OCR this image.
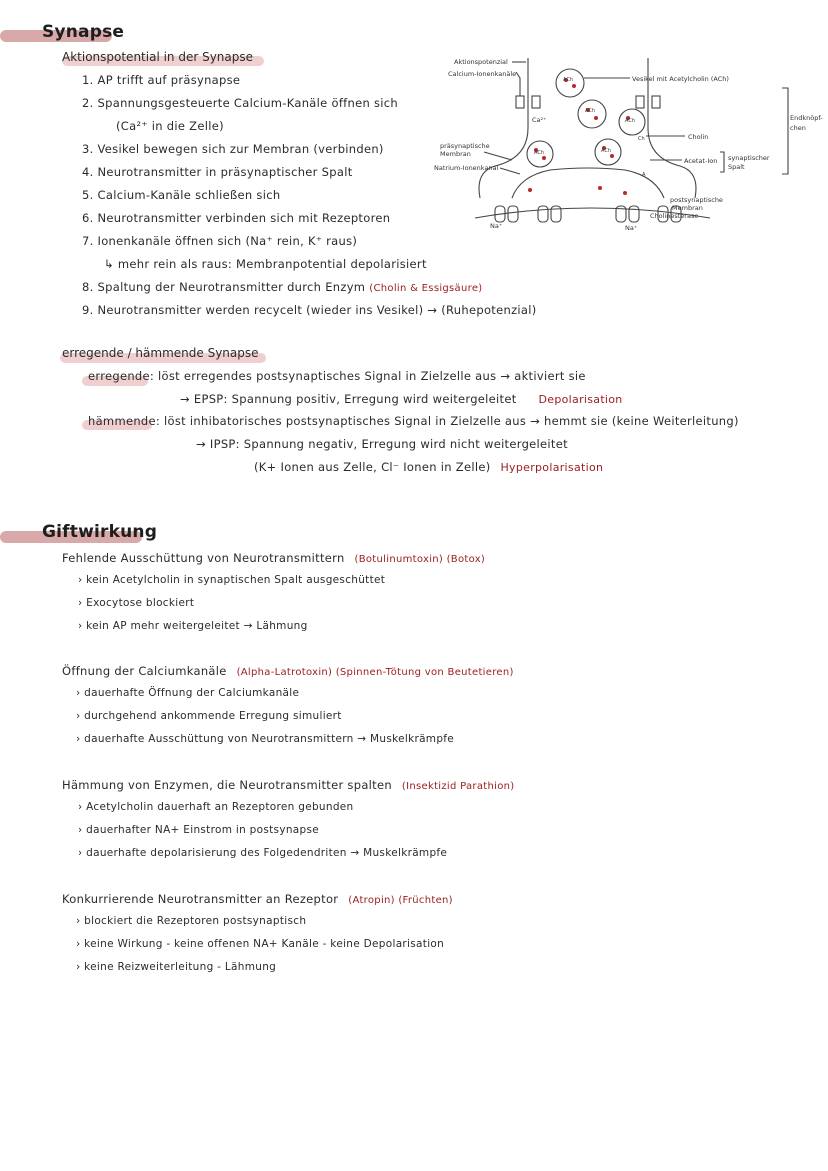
Synapse
Aktionspotential in der Synapse
1. AP trifft auf präsynapse
2. Spannungsgesteuerte Calcium-Kanäle öffnen sich
(Ca²⁺ in die Zelle)
3. Vesikel bewegen sich zur Membran (verbinden)
4. Neurotransmitter in präsynaptischer Spalt
5. Calcium-Kanäle schließen sich
6. Neurotransmitter verbinden sich mit Rezeptoren
7. Ionenkanäle öffnen sich (Na⁺ rein, K⁺ raus)
↳ mehr rein als raus: Membranpotential depolarisiert
8. Spaltung der Neurotransmitter durch Enzym (Cholin & Essigsäure)
9. Neurotransmitter werden recycelt (wieder ins Vesikel) → (Ruhepotenzial)
Aktionspotenzial
Calcium-Ionenkanäle
Vesikel mit Acetylcholin (ACh)
Endknöpf-
chen
Cholin
Acetat-Ion synaptischer
Spalt
präsynaptische
Membran
Natrium-Ionenkanal
postsynaptische
Membran
Cholinesterase
Na⁺	Na⁺
Ca²⁺
ACh
ACh
ACh
ACh	ACh
Ch
A
erregende / hämmende Synapse
erregende: löst erregendes postsynaptisches Signal in Zielzelle aus → aktiviert sie
→ EPSP: Spannung positiv, Erregung wird weitergeleitet Depolarisation
hämmende: löst inhibatorisches postsynaptisches Signal in Zielzelle aus → hemmt sie (keine Weiterleitung)
→ IPSP: Spannung negativ, Erregung wird nicht weitergeleitet
(K+ Ionen aus Zelle, Cl⁻ Ionen in Zelle) Hyperpolarisation
Giftwirkung
Fehlende Ausschüttung von Neurotransmittern (Botulinumtoxin) (Botox)
› kein Acetylcholin in synaptischen Spalt ausgeschüttet
› Exocytose blockiert
› kein AP mehr weitergeleitet → Lähmung
Öffnung der Calciumkanäle (Alpha-Latrotoxin) (Spinnen-Tötung von Beutetieren)
› dauerhafte Öffnung der Calciumkanäle
› durchgehend ankommende Erregung simuliert
› dauerhafte Ausschüttung von Neurotransmittern → Muskelkrämpfe
Hämmung von Enzymen, die Neurotransmitter spalten (Insektizid Parathion)
› Acetylcholin dauerhaft an Rezeptoren gebunden
› dauerhafter NA+ Einstrom in postsynapse
› dauerhafte depolarisierung des Folgedendriten → Muskelkrämpfe
Konkurrierende Neurotransmitter an Rezeptor (Atropin) (Früchten)
› blockiert die Rezeptoren postsynaptisch
› keine Wirkung - keine offenen NA+ Kanäle - keine Depolarisation
› keine Reizweiterleitung - Lähmung
